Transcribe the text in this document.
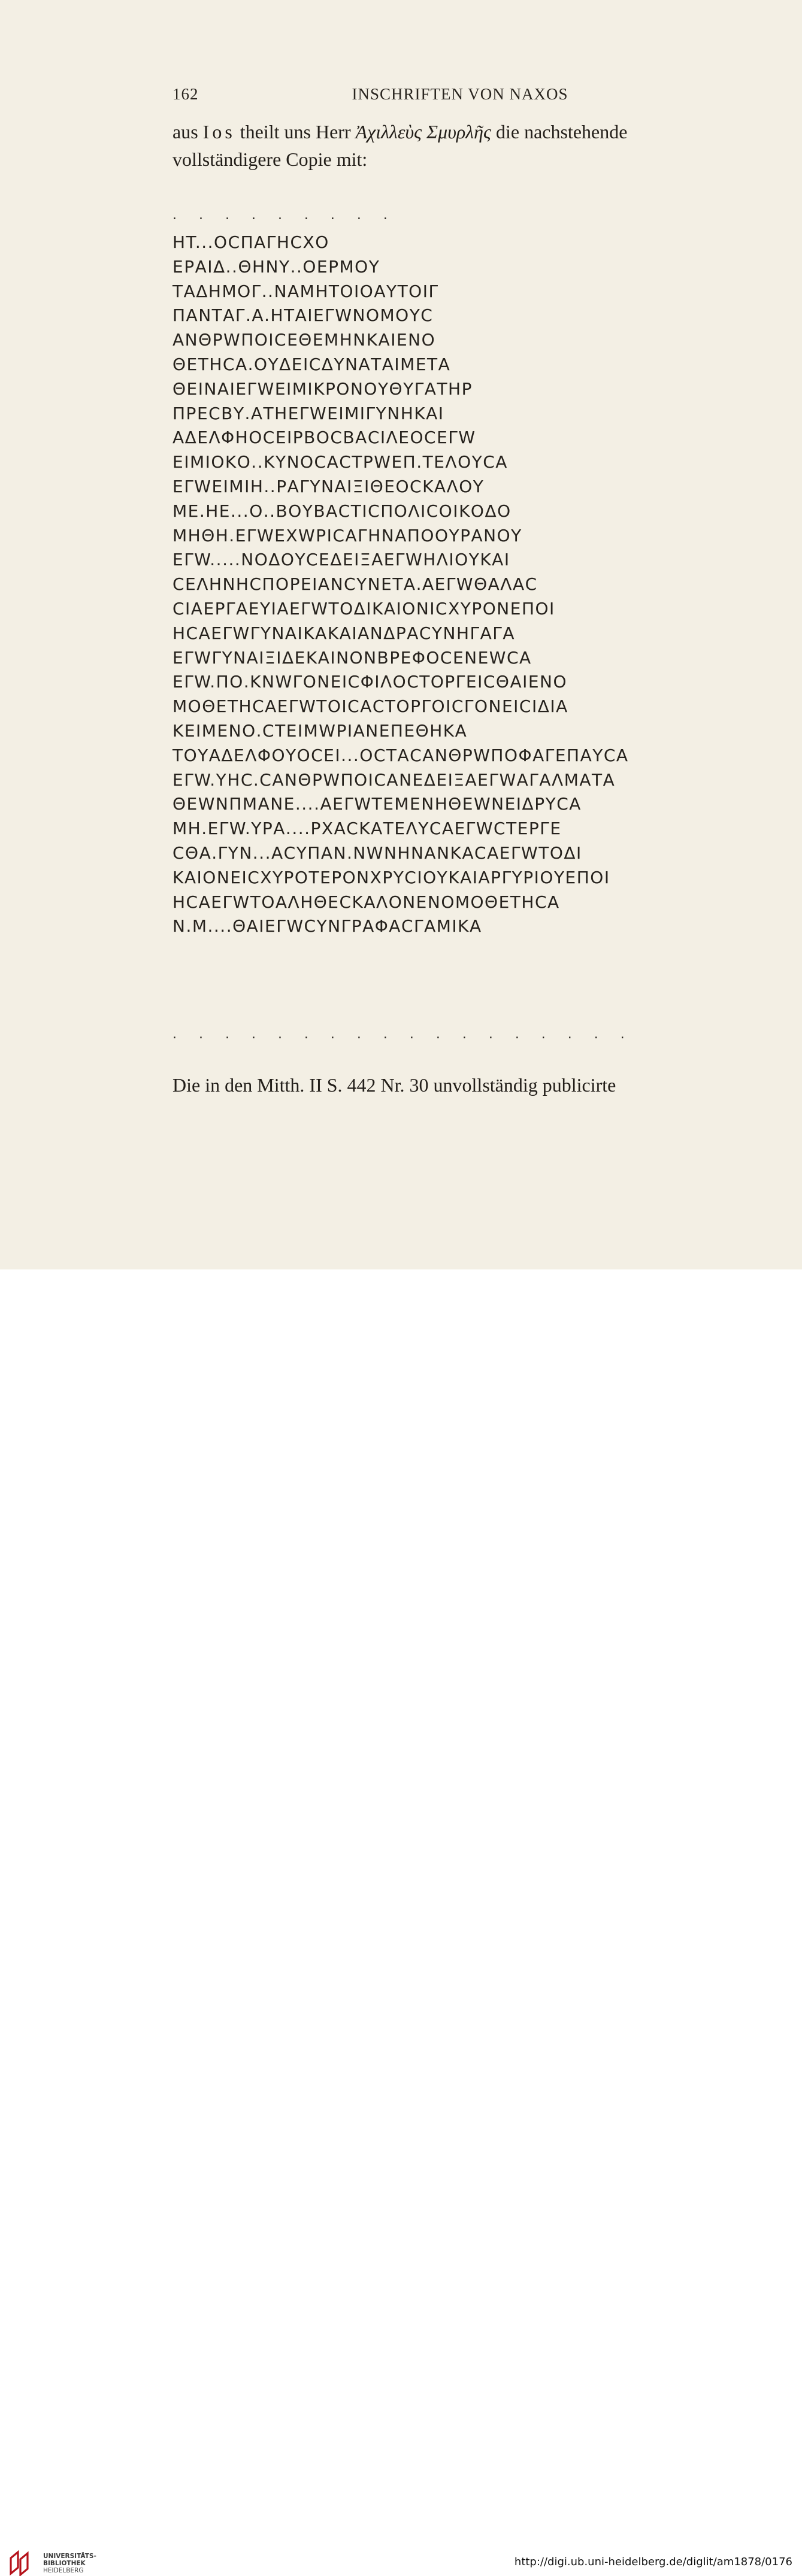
162	INSCHRIFTEN VON NAXOS
aus Ios theilt uns Herr Ἀχιλλεὺς Σμυρλῆς die nachstehende
vollständigere Copie mit:
. . . . . . . . .
HT...OCΠΑΓΗCΧΟ
ΕΡΑΙΔ..ΘΗΝΥ..ΟΕΡΜΟΥ
ΤΑΔΗΜΟΓ..ΝΑΜΗΤΟΙΟΑΥΤΟΙΓ
ΠΑΝΤΑΓ.Α.ΗΤΑΙΕΓWΝΟΜΟΥC
ΑΝΘΡWΠΟΙCΕΘΕΜΗΝΚΑΙΕΝΟ
ΘΕΤΗCΑ.ΟΥΔΕΙCΔΥΝΑΤΑΙΜΕΤΑ
ΘΕΙΝΑΙΕΓWΕΙΜΙΚΡΟΝΟΥΘΥΓΑΤΗΡ
ΠΡΕCΒΥ.ΑΤΗΕΓWΕΙΜΙΓΥΝΗΚΑΙ
ΑΔΕΛΦΗΟCΕΙΡΒΟCΒΑCΙΛΕΟCΕΓW
ΕΙΜΙΟΚΟ..ΚΥΝΟCΑCΤΡWΕΠ.ΤΕΛΟΥCΑ
ΕΓWΕΙΜΙΗ..ΡΑΓΥΝΑΙΞΙΘΕΟCΚΑΛΟΥ
ΜΕ.ΗΕ...Ο..ΒΟΥΒΑCΤΙCΠΟΛΙCΟΙΚΟΔΟ
ΜΗΘΗ.ΕΓWΕΧWΡΙCΑΓΗΝΑΠΟΟΥΡΑΝΟΥ
ΕΓW.....ΝΟΔΟΥCΕΔΕΙΞΑΕΓWΗΛΙΟΥΚΑΙ
CΕΛΗΝΗCΠΟΡΕΙΑΝCΥΝΕΤΑ.ΑΕΓWΘΑΛΑC
CΙΑΕΡΓΑΕΥΙΑΕΓWΤΟΔΙΚΑΙΟΝΙCΧΥΡΟΝΕΠΟΙ
ΗCΑΕΓWΓΥΝΑΙΚΑΚΑΙΑΝΔΡΑCΥΝΗΓΑΓΑ
ΕΓWΓΥΝΑΙΞΙΔΕΚΑΙΝΟΝΒΡΕΦΟCΕΝΕWCΑ
ΕΓW.ΠΟ.ΚΝWΓΟΝΕΙCΦΙΛΟCΤΟΡΓΕΙCΘΑΙΕΝΟ
ΜΟΘΕΤΗCΑΕΓWΤΟΙCΑCΤΟΡΓΟΙCΓΟΝΕΙCΙΔΙΑ
ΚΕΙΜΕΝΟ.CΤΕΙΜWΡΙΑΝΕΠΕΘΗΚΑ
ΤΟΥΑΔΕΛΦΟΥΟCΕΙ...ΟCΤΑCΑΝΘΡWΠΟΦΑΓΕΠΑΥCΑ
ΕΓW.ΥΗC.CΑΝΘΡWΠΟΙCΑΝΕΔΕΙΞΑΕΓWΑΓΑΛΜΑΤΑ
ΘΕWΝΠΜΑΝΕ....ΑΕΓWΤΕΜΕΝΗΘΕWΝΕΙΔΡΥCΑ
ΜΗ.ΕΓW.ΥΡΑ....ΡΧΑCΚΑΤΕΛΥCΑΕΓWCΤΕΡΓΕ
CΘΑ.ΓΥΝ...ΑCΥΠΑΝ.ΝWΝΗΝΑΝΚΑCΑΕΓWΤΟΔΙ
ΚΑΙΟΝΕΙCΧΥΡΟΤΕΡΟΝΧΡΥCΙΟΥΚΑΙΑΡΓΥΡΙΟΥΕΠΟΙ
ΗCΑΕΓWΤΟΑΛΗΘΕCΚΑΛΟΝΕΝΟΜΟΘΕΤΗCΑ
Ν.Μ....ΘΑΙΕΓWCΥΝΓΡΑΦΑCΓΑΜΙΚΑ
. . . . . . . . . . . . . . . . . .
Die in den Mitth. II S. 442 Nr. 30 unvollständig publicirte
UNIVERSITÄTS-
BIBLIOTHEK
HEIDELBERG
http://digi.ub.uni-heidelberg.de/diglit/am1878/0176
